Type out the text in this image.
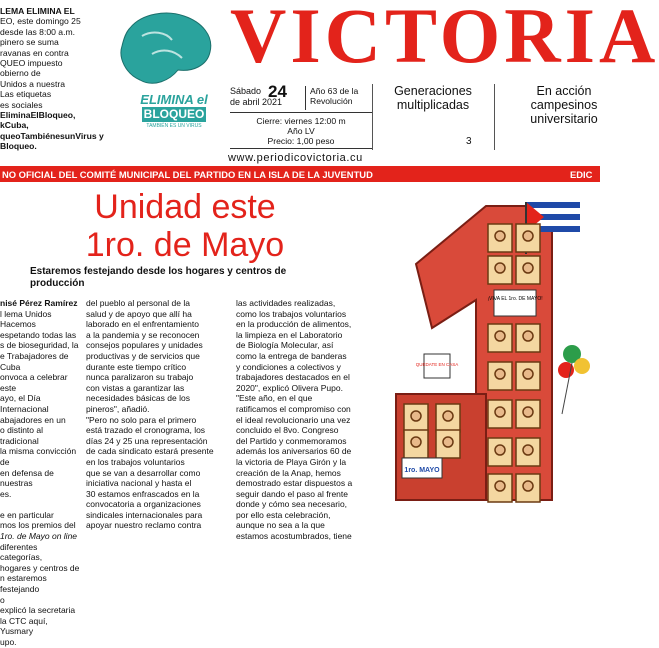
LEMA ELIMINA EL
EO, este domingo 25
desde las 8:00 a.m.
pinero se suma
ravanas en contra
QUEO impuesto
obierno de
Unidos a nuestra
Las etiquetas
es sociales
EliminaElBloqueo,
kCuba,
queoTambiénesunVirus y
Bloqueo.
ELIMINA el
BLOQUEO
TAMBIÉN ES UN VIRUS
VICTORIA
Sábado 24
de abril 2021
Año 63 de la Revolución
Cierre: viernes 12:00 m
Año LV
Precio: 1,00 peso
Generaciones multiplicadas
3
En acción campesinos universitario
www.periodicovictoria.cu
NO OFICIAL DEL COMITÉ MUNICIPAL DEL PARTIDO EN LA ISLA DE LA JUVENTUD	EDIC
Unidad este
1ro. de Mayo
Estaremos festejando desde los hogares y centros de producción
nisé Pérez Ramírez
l lema Unidos Hacemos
espetando todas las
s de bioseguridad, la
e Trabajadores de Cuba
onvoca a celebrar este
ayo, el Día Internacional
abajadores en un
o distinto al tradicional
la misma convicción de
en defensa de nuestras
es.

e en particular
mos los premios del
1ro. de Mayo on line
diferentes categorías,
hogares y centros de
n estaremos festejando
o
explicó la secretaria
la CTC aquí, Yusmary
upo.
del pueblo al personal de la
salud y de apoyo que allí ha
laborado en el enfrentamiento
a la pandemia y se reconocen
consejos populares y unidades
productivas y de servicios que
durante este tiempo crítico
nunca paralizaron su trabajo
con vistas a garantizar las
necesidades básicas de los
pineros", añadió.
"Pero no solo para el primero
está trazado el cronograma, los
días 24 y 25 una representación
de cada sindicato estará presente
en los trabajos voluntarios
que se van a desarrollar como
iniciativa nacional y hasta el
30 estamos enfrascados en la
convocatoria a organizaciones
sindicales internacionales para
apoyar nuestro reclamo contra
las actividades realizadas,
como los trabajos voluntarios
en la producción de alimentos,
la limpieza en el Laboratorio
de Biología Molecular, así
como la entrega de banderas
y condiciones a colectivos y
trabajadores destacados en el
2020", explicó Olivera Pupo.
"Este año, en el que
ratificamos el compromiso con
el ideal revolucionario una vez
concluido el 8vo. Congreso
del Partido y conmemoramos
además los aniversarios 60 de
la victoria de Playa Girón y la
creación de la Anap, hemos
demostrado estar dispuestos a
seguir dando el paso al frente
donde y cómo sea necesario,
por ello esta celebración,
aunque no sea a la que
estamos acostumbrados, tiene
¡VIVA EL 1ro. DE MAYO!
QUÉDATE EN CASA
1ro. MAYO
